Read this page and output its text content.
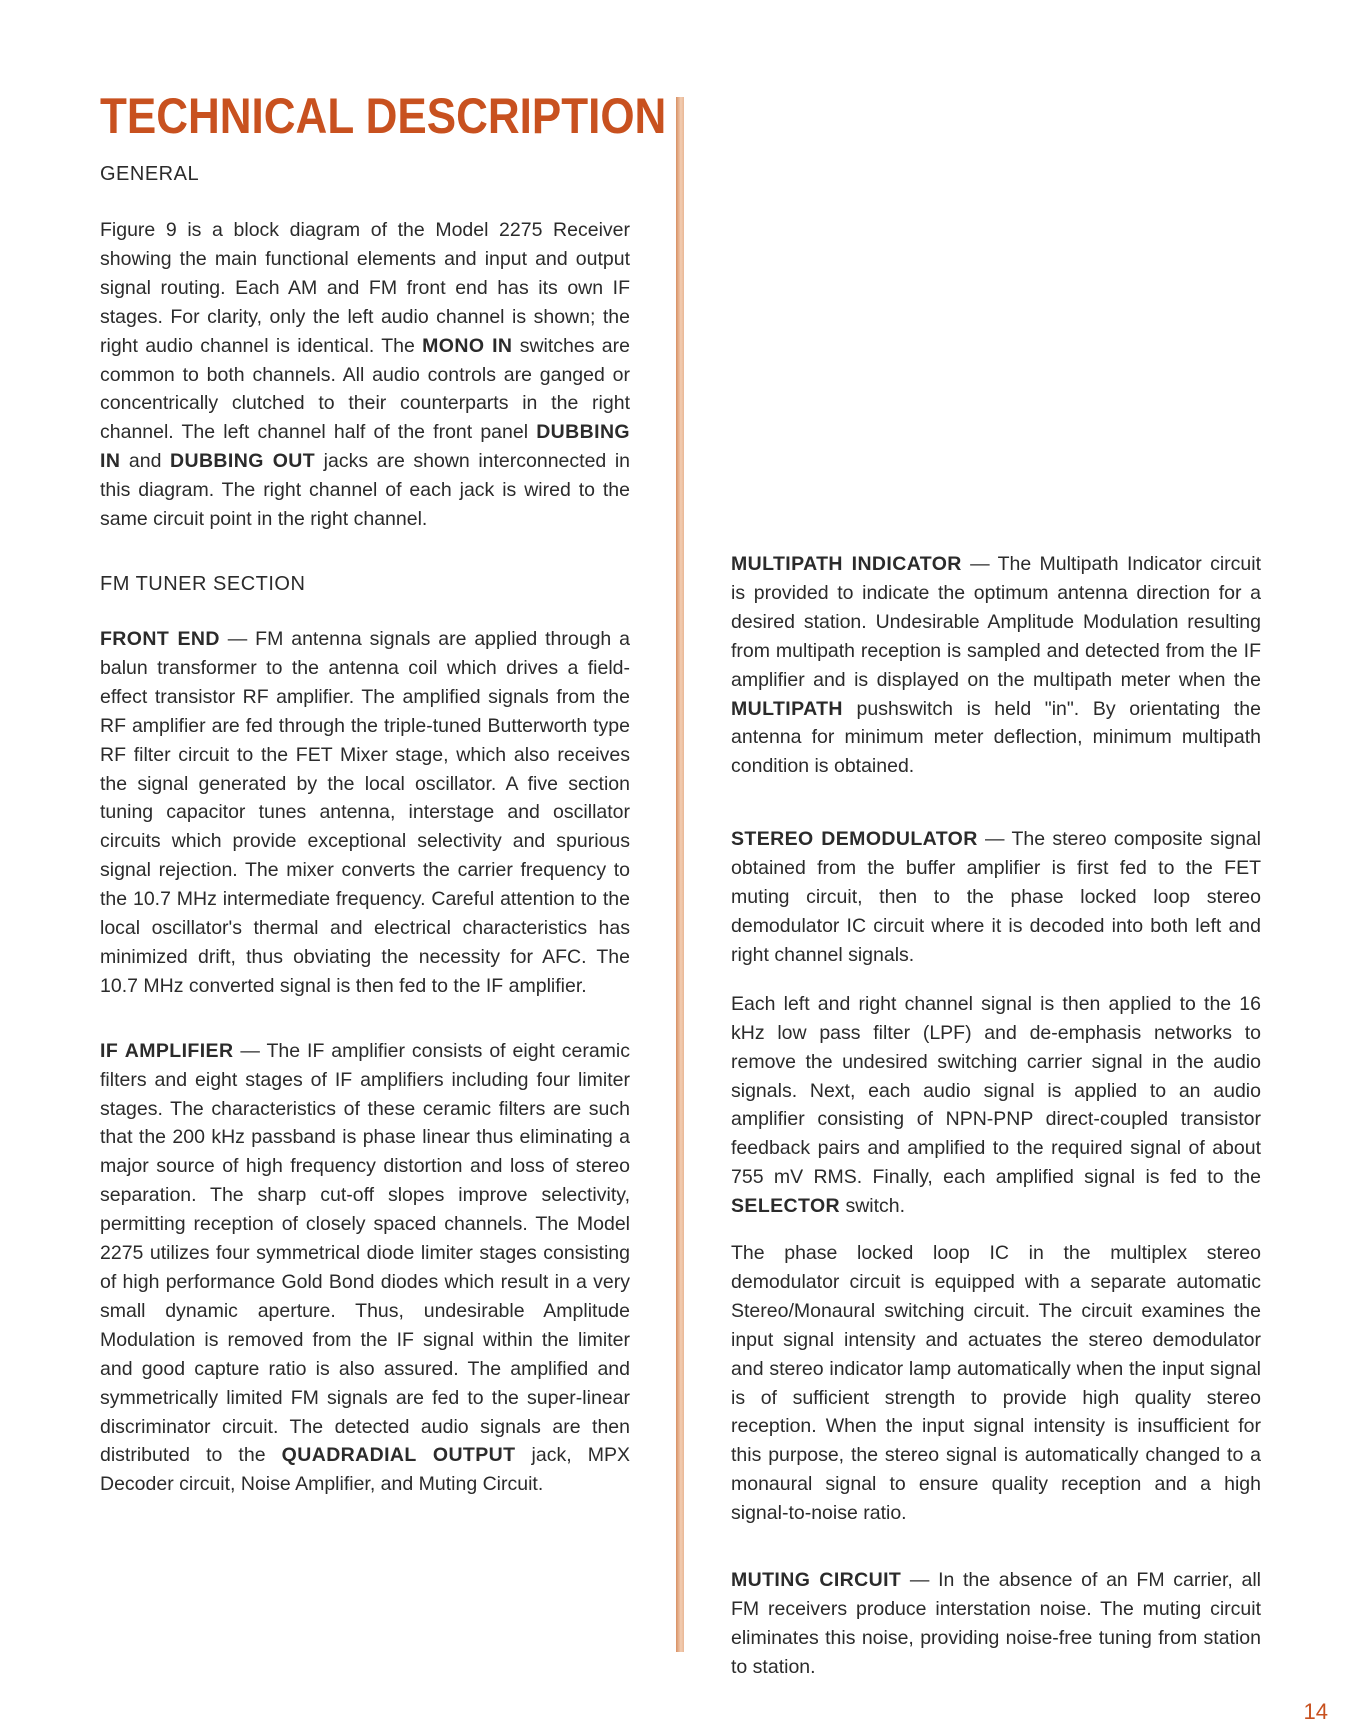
TECHNICAL DESCRIPTION
GENERAL

Figure 9 is a block diagram of the Model 2275 Receiver showing the main functional elements and input and output signal routing. Each AM and FM front end has its own IF stages. For clarity, only the left audio channel is shown; the right audio channel is identical. The MONO IN switches are common to both channels. All audio controls are ganged or concentrically clutched to their counterparts in the right channel. The left channel half of the front panel DUBBING IN and DUBBING OUT jacks are shown interconnected in this diagram. The right channel of each jack is wired to the same circuit point in the right channel.

FM TUNER SECTION

FRONT END — FM antenna signals are applied through a balun transformer to the antenna coil which drives a field-effect transistor RF amplifier. The amplified signals from the RF amplifier are fed through the triple-tuned Butterworth type RF filter circuit to the FET Mixer stage, which also receives the signal generated by the local oscillator. A five section tuning capacitor tunes antenna, interstage and oscillator circuits which provide exceptional selectivity and spurious signal rejection. The mixer converts the carrier frequency to the 10.7 MHz intermediate frequency. Careful attention to the local oscillator's thermal and electrical characteristics has minimized drift, thus obviating the necessity for AFC. The 10.7 MHz converted signal is then fed to the IF amplifier.

IF AMPLIFIER — The IF amplifier consists of eight ceramic filters and eight stages of IF amplifiers including four limiter stages. The characteristics of these ceramic filters are such that the 200 kHz passband is phase linear thus eliminating a major source of high frequency distortion and loss of stereo separation. The sharp cut-off slopes improve selectivity, permitting reception of closely spaced channels. The Model 2275 utilizes four symmetrical diode limiter stages consisting of high performance Gold Bond diodes which result in a very small dynamic aperture. Thus, undesirable Amplitude Modulation is removed from the IF signal within the limiter and good capture ratio is also assured. The amplified and symmetrically limited FM signals are fed to the super-linear discriminator circuit. The detected audio signals are then distributed to the QUADRADIAL OUTPUT jack, MPX Decoder circuit, Noise Amplifier, and Muting Circuit.

MULTIPATH INDICATOR — The Multipath Indicator circuit is provided to indicate the optimum antenna direction for a desired station. Undesirable Amplitude Modulation resulting from multipath reception is sampled and detected from the IF amplifier and is displayed on the multipath meter when the MULTIPATH pushswitch is held "in". By orientating the antenna for minimum meter deflection, minimum multipath condition is obtained.

STEREO DEMODULATOR — The stereo composite signal obtained from the buffer amplifier is first fed to the FET muting circuit, then to the phase locked loop stereo demodulator IC circuit where it is decoded into both left and right channel signals.

Each left and right channel signal is then applied to the 16 kHz low pass filter (LPF) and de-emphasis networks to remove the undesired switching carrier signal in the audio signals. Next, each audio signal is applied to an audio amplifier consisting of NPN-PNP direct-coupled transistor feedback pairs and amplified to the required signal of about 755 mV RMS. Finally, each amplified signal is fed to the SELECTOR switch.

The phase locked loop IC in the multiplex stereo demodulator circuit is equipped with a separate automatic Stereo/Monaural switching circuit. The circuit examines the input signal intensity and actuates the stereo demodulator and stereo indicator lamp automatically when the input signal is of sufficient strength to provide high quality stereo reception. When the input signal intensity is insufficient for this purpose, the stereo signal is automatically changed to a monaural signal to ensure quality reception and a high signal-to-noise ratio.

MUTING CIRCUIT — In the absence of an FM carrier, all FM receivers produce interstation noise. The muting circuit eliminates this noise, providing noise-free tuning from station to station.

14
